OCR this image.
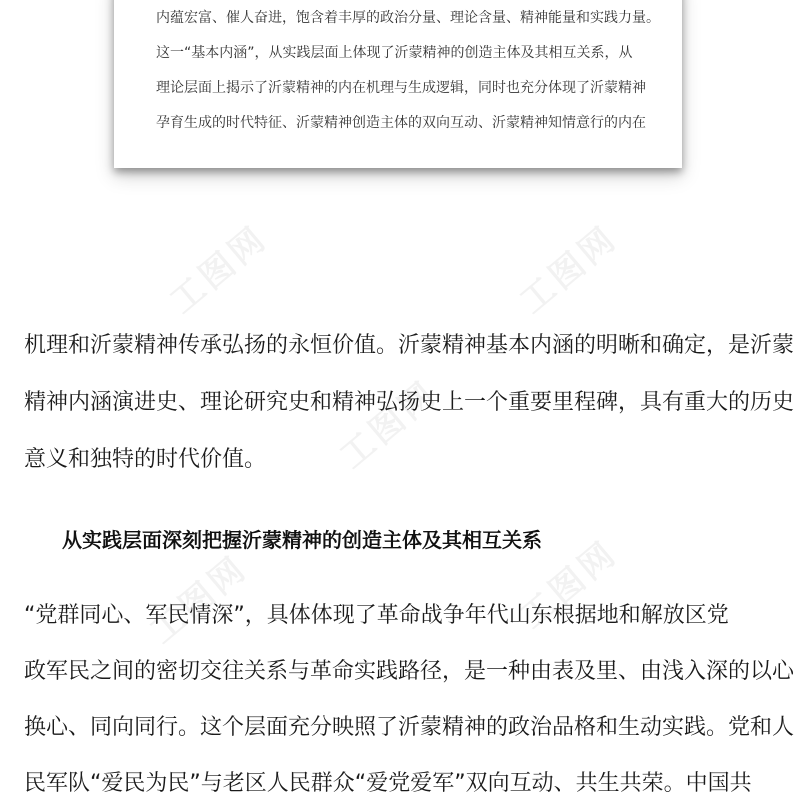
内蕴宏富、催人奋进，饱含着丰厚的政治分量、理论含量、精神能量和实践力量。
这一“基本内涵”，从实践层面上体现了沂蒙精神的创造主体及其相互关系，从
理论层面上揭示了沂蒙精神的内在机理与生成逻辑，同时也充分体现了沂蒙精神
孕育生成的时代特征、沂蒙精神创造主体的双向互动、沂蒙精神知情意行的内在
工图网	工图网
工图网
工图网	工图网
机理和沂蒙精神传承弘扬的永恒价值。沂蒙精神基本内涵的明晰和确定，是沂蒙
精神内涵演进史、理论研究史和精神弘扬史上一个重要里程碑，具有重大的历史
意义和独特的时代价值。
从实践层面深刻把握沂蒙精神的创造主体及其相互关系
“党群同心、军民情深”，具体体现了革命战争年代山东根据地和解放区党
政军民之间的密切交往关系与革命实践路径，是一种由表及里、由浅入深的以心
换心、同向同行。这个层面充分映照了沂蒙精神的政治品格和生动实践。党和人
民军队“爱民为民”与老区人民群众“爱党爱军”双向互动、共生共荣。中国共
